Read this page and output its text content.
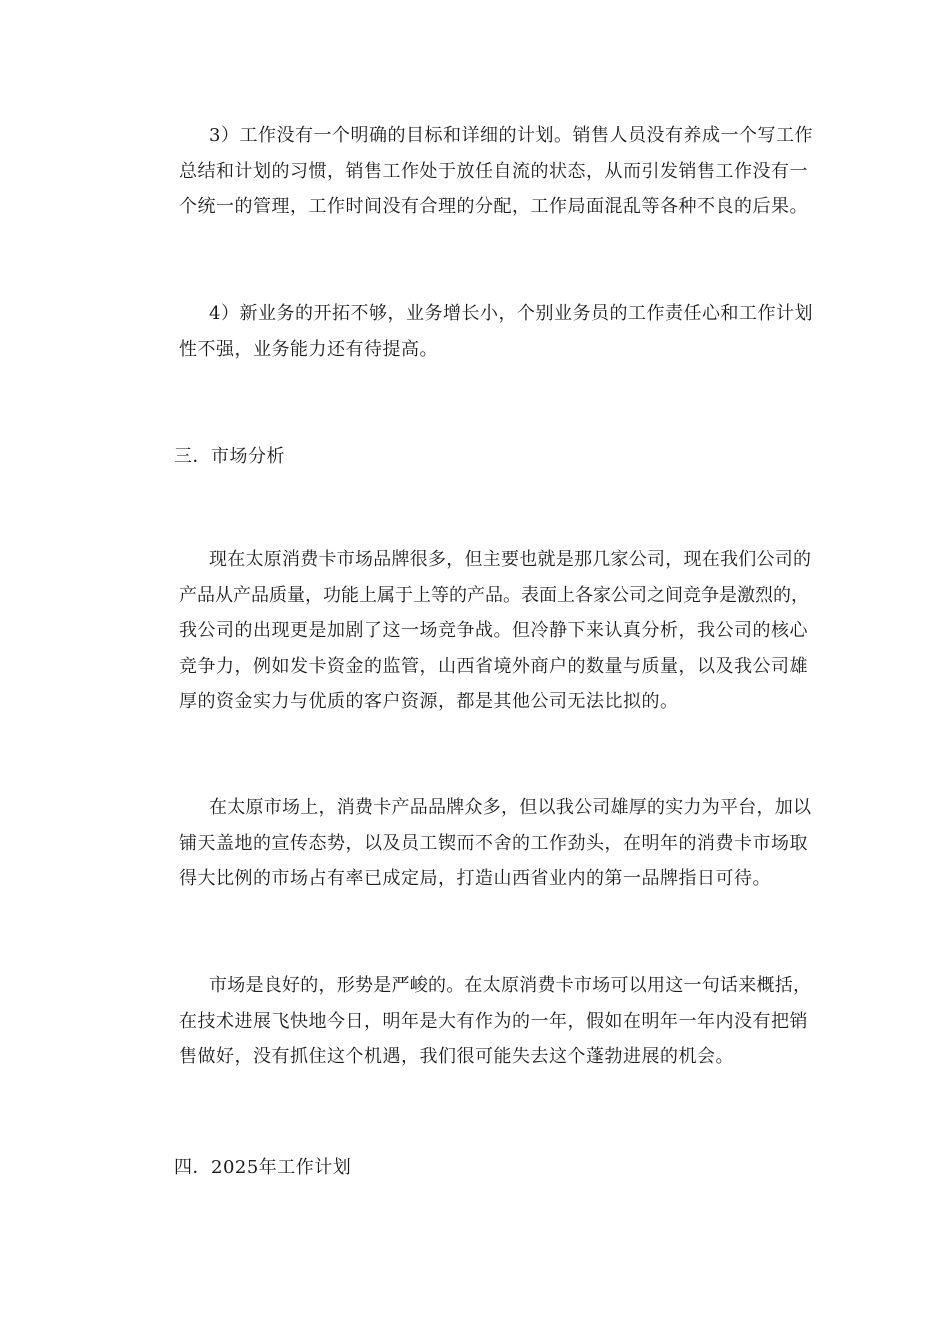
3）工作没有一个明确的目标和详细的计划。销售人员没有养成一个写工作
总结和计划的习惯，销售工作处于放任自流的状态，从而引发销售工作没有一
个统一的管理，工作时间没有合理的分配，工作局面混乱等各种不良的后果。
4）新业务的开拓不够，业务增长小，个别业务员的工作责任心和工作计划
性不强，业务能力还有待提高。
三．市场分析
现在太原消费卡市场品牌很多，但主要也就是那几家公司，现在我们公司的
产品从产品质量，功能上属于上等的产品。表面上各家公司之间竞争是激烈的，
我公司的出现更是加剧了这一场竞争战。但冷静下来认真分析，我公司的核心
竞争力，例如发卡资金的监管，山西省境外商户的数量与质量，以及我公司雄
厚的资金实力与优质的客户资源，都是其他公司无法比拟的。
在太原市场上，消费卡产品品牌众多，但以我公司雄厚的实力为平台，加以
铺天盖地的宣传态势，以及员工锲而不舍的工作劲头，在明年的消费卡市场取
得大比例的市场占有率已成定局，打造山西省业内的第一品牌指日可待。
市场是良好的，形势是严峻的。在太原消费卡市场可以用这一句话来概括，
在技术进展飞快地今日，明年是大有作为的一年，假如在明年一年内没有把销
售做好，没有抓住这个机遇，我们很可能失去这个蓬勃进展的机会。
四．2025年工作计划
